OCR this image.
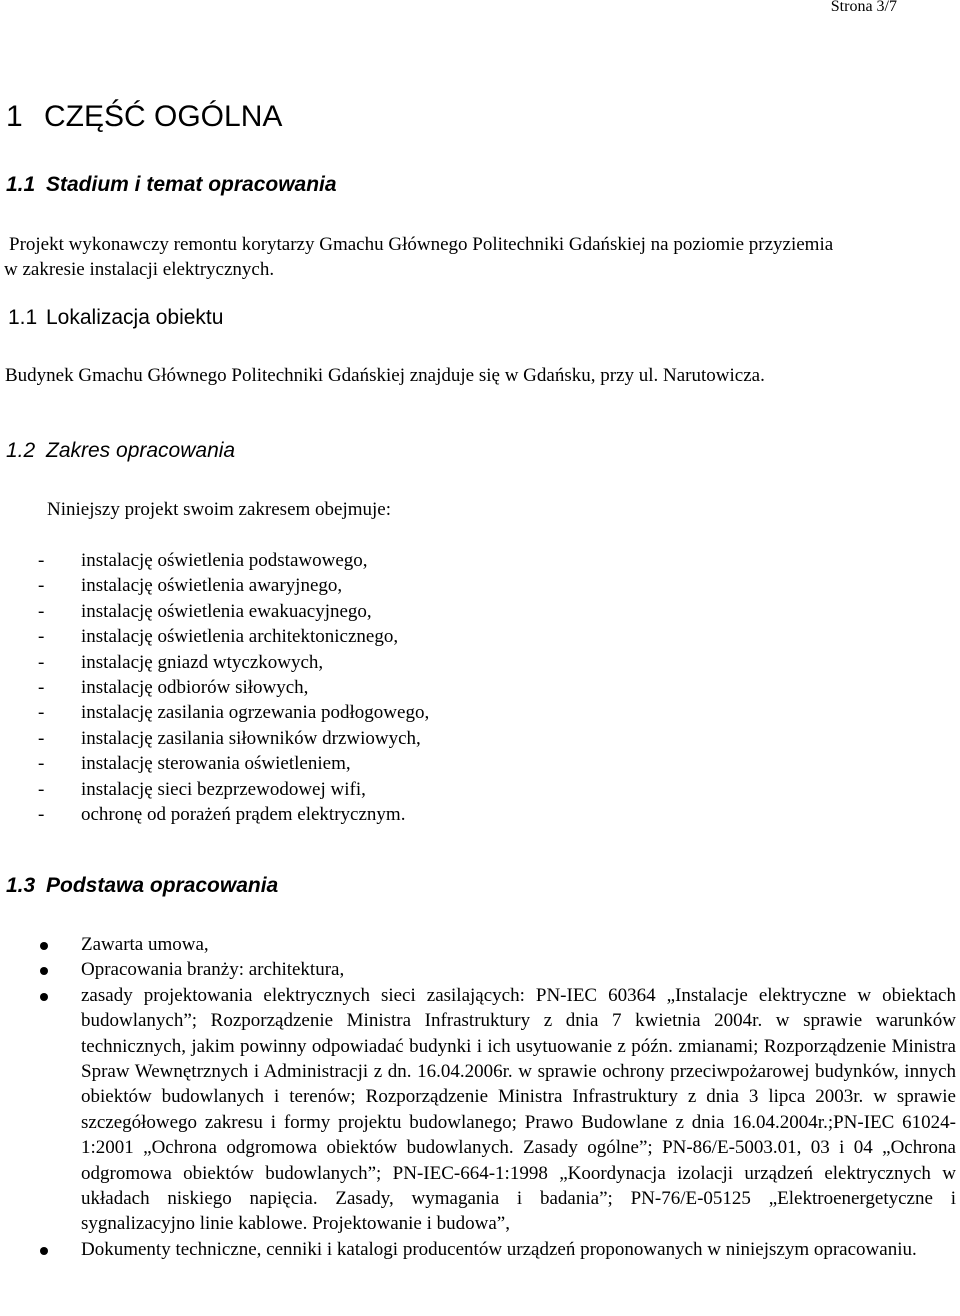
Strona 3/7
1 CZĘŚĆ OGÓLNA
1.1 Stadium i temat opracowania
Projekt wykonawczy remontu korytarzy Gmachu Głównego Politechniki Gdańskiej na poziomie przyziemia
w zakresie instalacji elektrycznych.
1.1 Lokalizacja obiektu
Budynek Gmachu Głównego Politechniki Gdańskiej znajduje się w Gdańsku, przy ul. Narutowicza.
1.2 Zakres opracowania
Niniejszy projekt swoim zakresem obejmuje:
- instalację oświetlenia podstawowego,
- instalację oświetlenia awaryjnego,
- instalację oświetlenia ewakuacyjnego,
- instalację oświetlenia architektonicznego,
- instalację gniazd wtyczkowych,
- instalację odbiorów siłowych,
- instalację zasilania ogrzewania podłogowego,
- instalację zasilania siłowników drzwiowych,
- instalację sterowania oświetleniem,
- instalację sieci bezprzewodowej wifi,
- ochronę od porażeń prądem elektrycznym.
1.3 Podstawa opracowania
Zawarta umowa,
Opracowania branży: architektura,
zasady projektowania elektrycznych sieci zasilających: PN-IEC 60364 „Instalacje elektryczne w obiektach budowlanych”; Rozporządzenie Ministra Infrastruktury z dnia 7 kwietnia 2004r. w sprawie warunków technicznych, jakim powinny odpowiadać budynki i ich usytuowanie z późn. zmianami; Rozporządzenie Ministra Spraw Wewnętrznych i Administracji z dn. 16.04.2006r. w sprawie ochrony przeciwpożarowej budynków, innych obiektów budowlanych i terenów; Rozporządzenie Ministra Infrastruktury z dnia 3 lipca 2003r. w sprawie szczegółowego zakresu i formy projektu budowlanego; Prawo Budowlane z dnia 16.04.2004r.;PN-IEC 61024-1:2001 „Ochrona odgromowa obiektów budowlanych. Zasady ogólne”; PN-86/E-5003.01, 03 i 04 „Ochrona odgromowa obiektów budowlanych”; PN-IEC-664-1:1998 „Koordynacja izolacji urządzeń elektrycznych w układach niskiego napięcia. Zasady, wymagania i badania”; PN-76/E-05125 „Elektroenergetyczne i sygnalizacyjno linie kablowe. Projektowanie i budowa”,
Dokumenty techniczne, cenniki i katalogi producentów urządzeń proponowanych w niniejszym opracowaniu.
